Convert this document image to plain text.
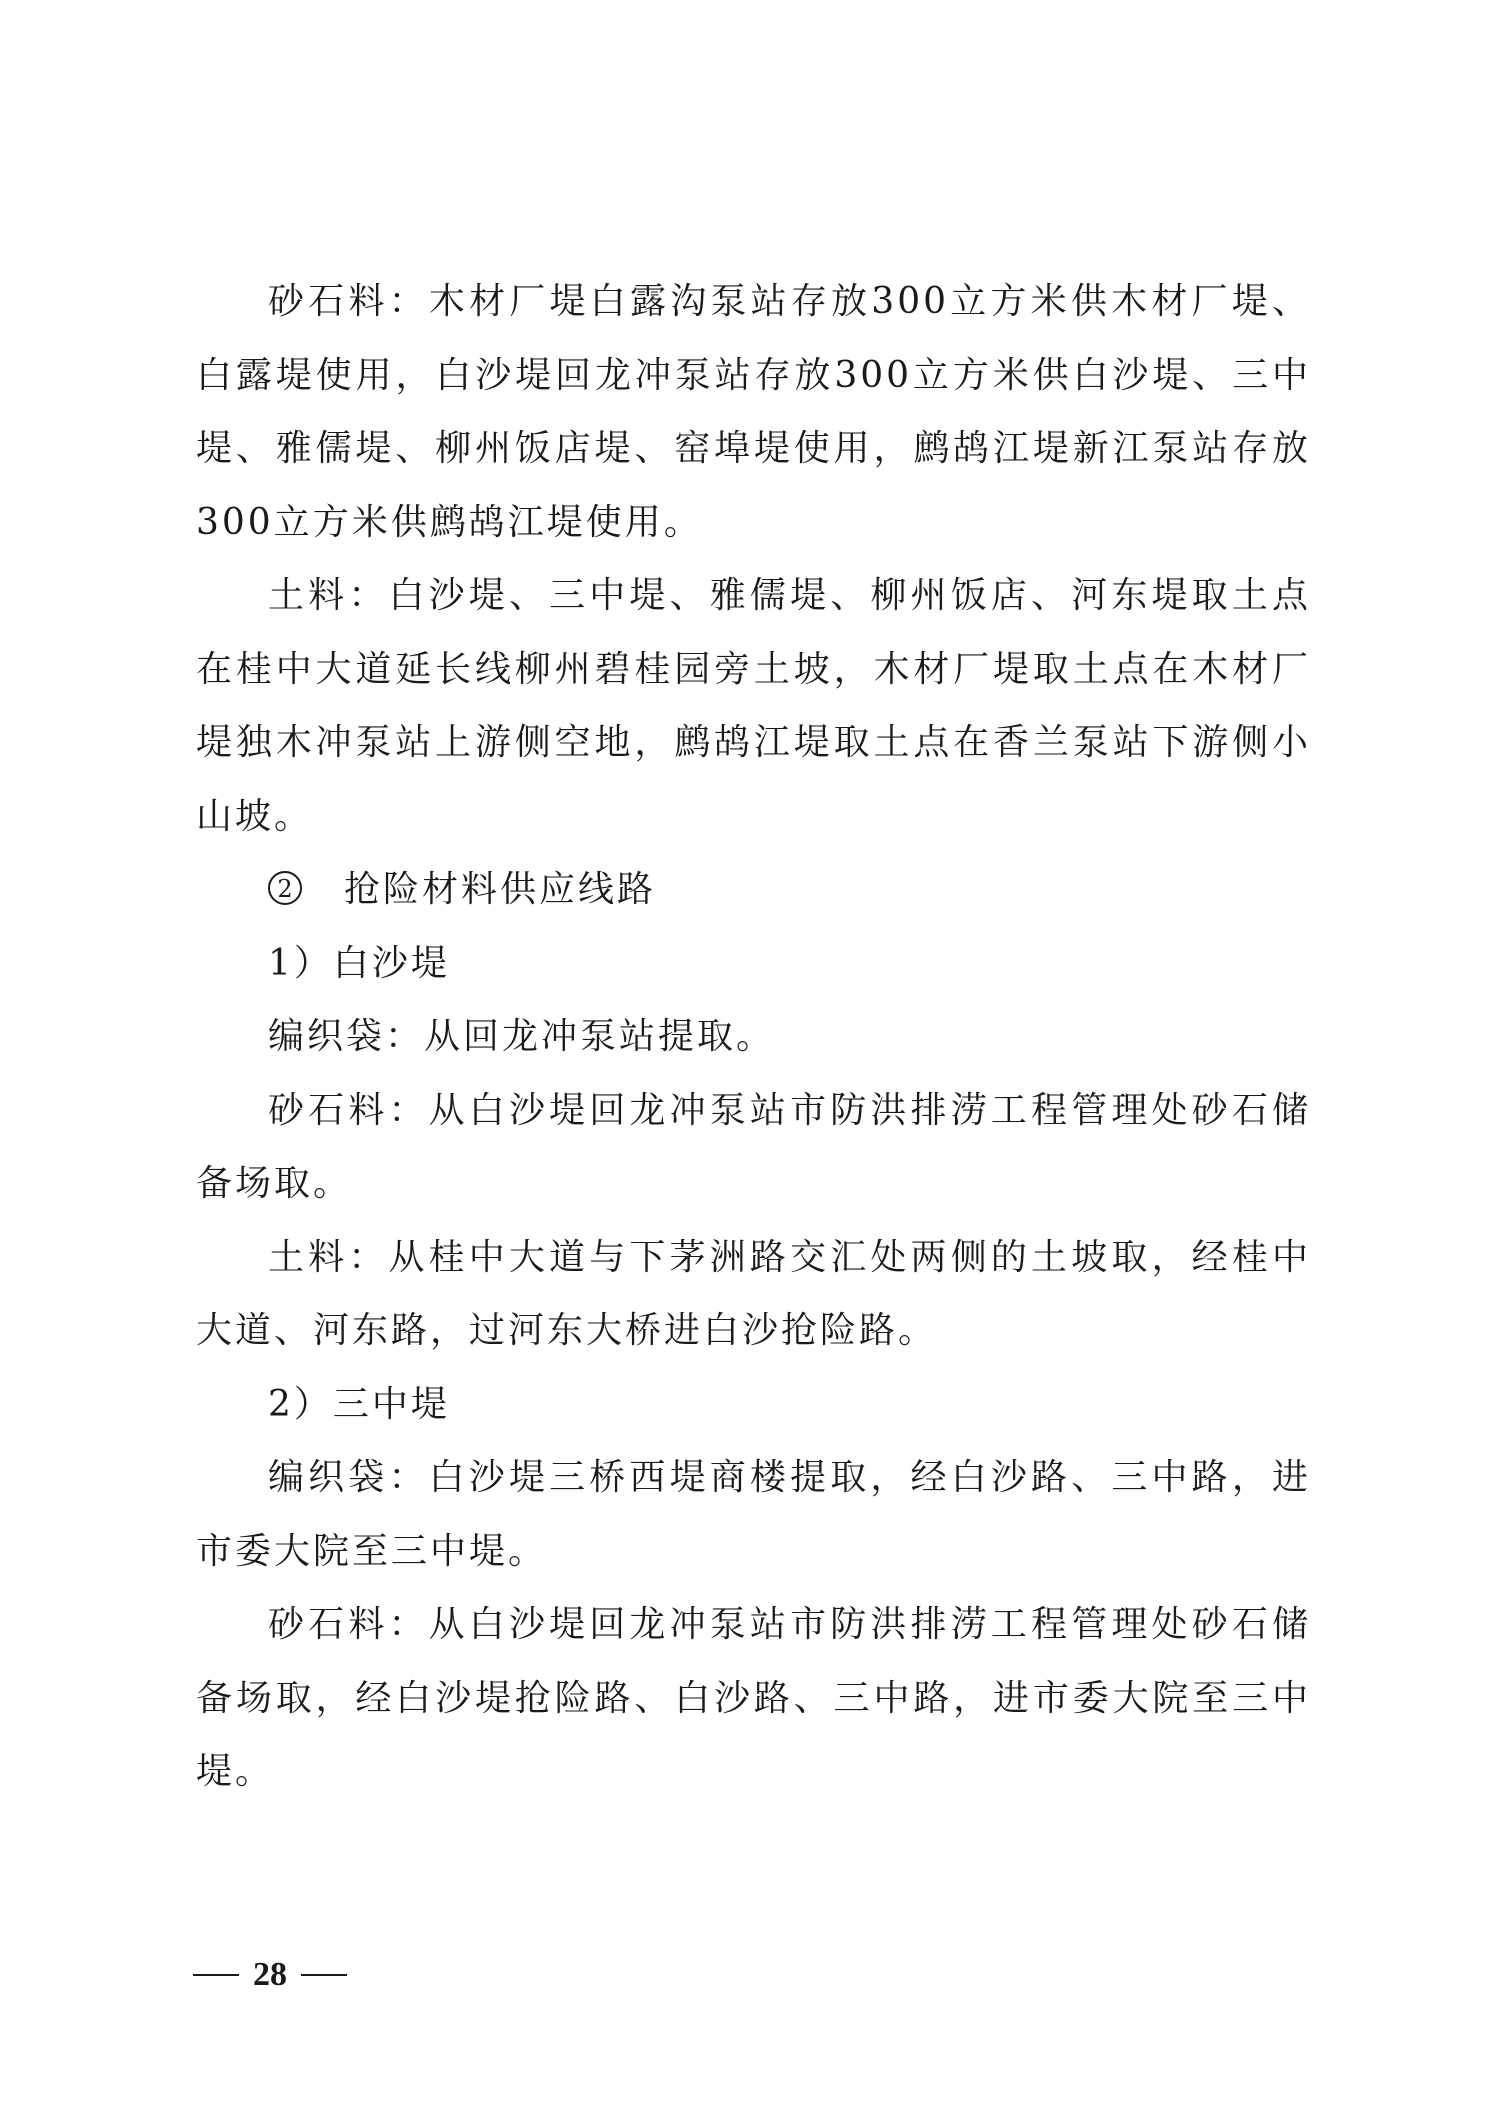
砂石料：木材厂堤白露沟泵站存放300立方米供木材厂堤、白露堤使用，白沙堤回龙冲泵站存放300立方米供白沙堤、三中堤、雅儒堤、柳州饭店堤、窑埠堤使用，鹧鸪江堤新江泵站存放300立方米供鹧鸪江堤使用。

土料：白沙堤、三中堤、雅儒堤、柳州饭店、河东堤取土点在桂中大道延长线柳州碧桂园旁土坡，木材厂堤取土点在木材厂堤独木冲泵站上游侧空地，鹧鸪江堤取土点在香兰泵站下游侧小山坡。

2 抢险材料供应线路

1）白沙堤

编织袋：从回龙冲泵站提取。

砂石料：从白沙堤回龙冲泵站市防洪排涝工程管理处砂石储备场取。

土料：从桂中大道与下茅洲路交汇处两侧的土坡取，经桂中大道、河东路，过河东大桥进白沙抢险路。

2）三中堤

编织袋：白沙堤三桥西堤商楼提取，经白沙路、三中路，进市委大院至三中堤。

砂石料：从白沙堤回龙冲泵站市防洪排涝工程管理处砂石储备场取，经白沙堤抢险路、白沙路、三中路，进市委大院至三中堤。

28
